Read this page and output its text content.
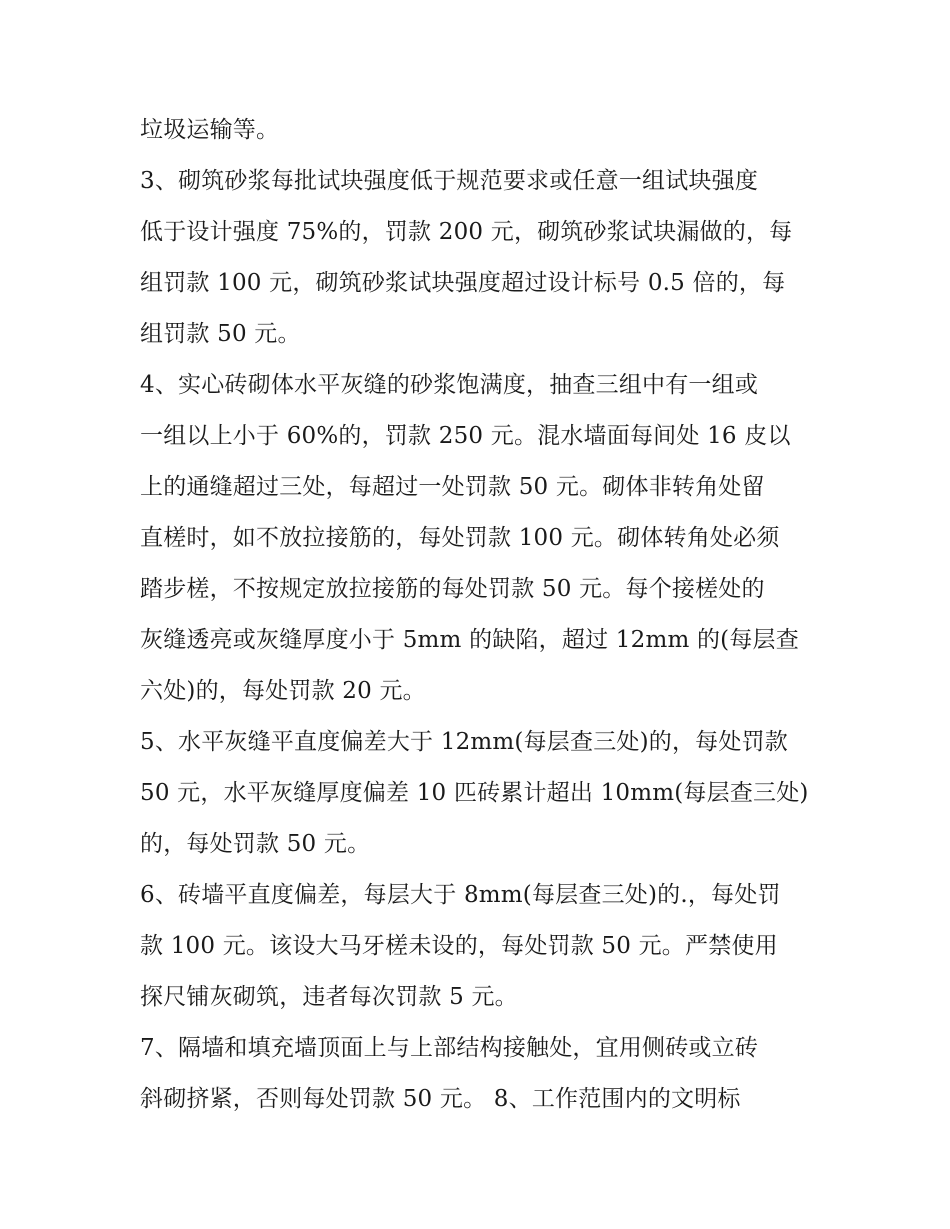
垃圾运输等。
3、砌筑砂浆每批试块强度低于规范要求或任意一组试块强度
低于设计强度 75%的，罚款 200 元，砌筑砂浆试块漏做的，每
组罚款 100 元，砌筑砂浆试块强度超过设计标号 0.5 倍的，每
组罚款 50 元。
4、实心砖砌体水平灰缝的砂浆饱满度，抽查三组中有一组或
一组以上小于 60%的，罚款 250 元。混水墙面每间处 16 皮以
上的通缝超过三处，每超过一处罚款 50 元。砌体非转角处留
直槎时，如不放拉接筋的，每处罚款 100 元。砌体转角处必须
踏步槎，不按规定放拉接筋的每处罚款 50 元。每个接槎处的
灰缝透亮或灰缝厚度小于 5mm 的缺陷，超过 12mm 的(每层查
六处)的，每处罚款 20 元。
5、水平灰缝平直度偏差大于 12mm(每层查三处)的，每处罚款
50 元，水平灰缝厚度偏差 10 匹砖累计超出 10mm(每层查三处)
的，每处罚款 50 元。
6、砖墙平直度偏差，每层大于 8mm(每层查三处)的.，每处罚
款 100 元。该设大马牙槎未设的，每处罚款 50 元。严禁使用
探尺铺灰砌筑，违者每次罚款 5 元。
7、隔墙和填充墙顶面上与上部结构接触处，宜用侧砖或立砖
斜砌挤紧，否则每处罚款 50 元。 8、工作范围内的文明标
